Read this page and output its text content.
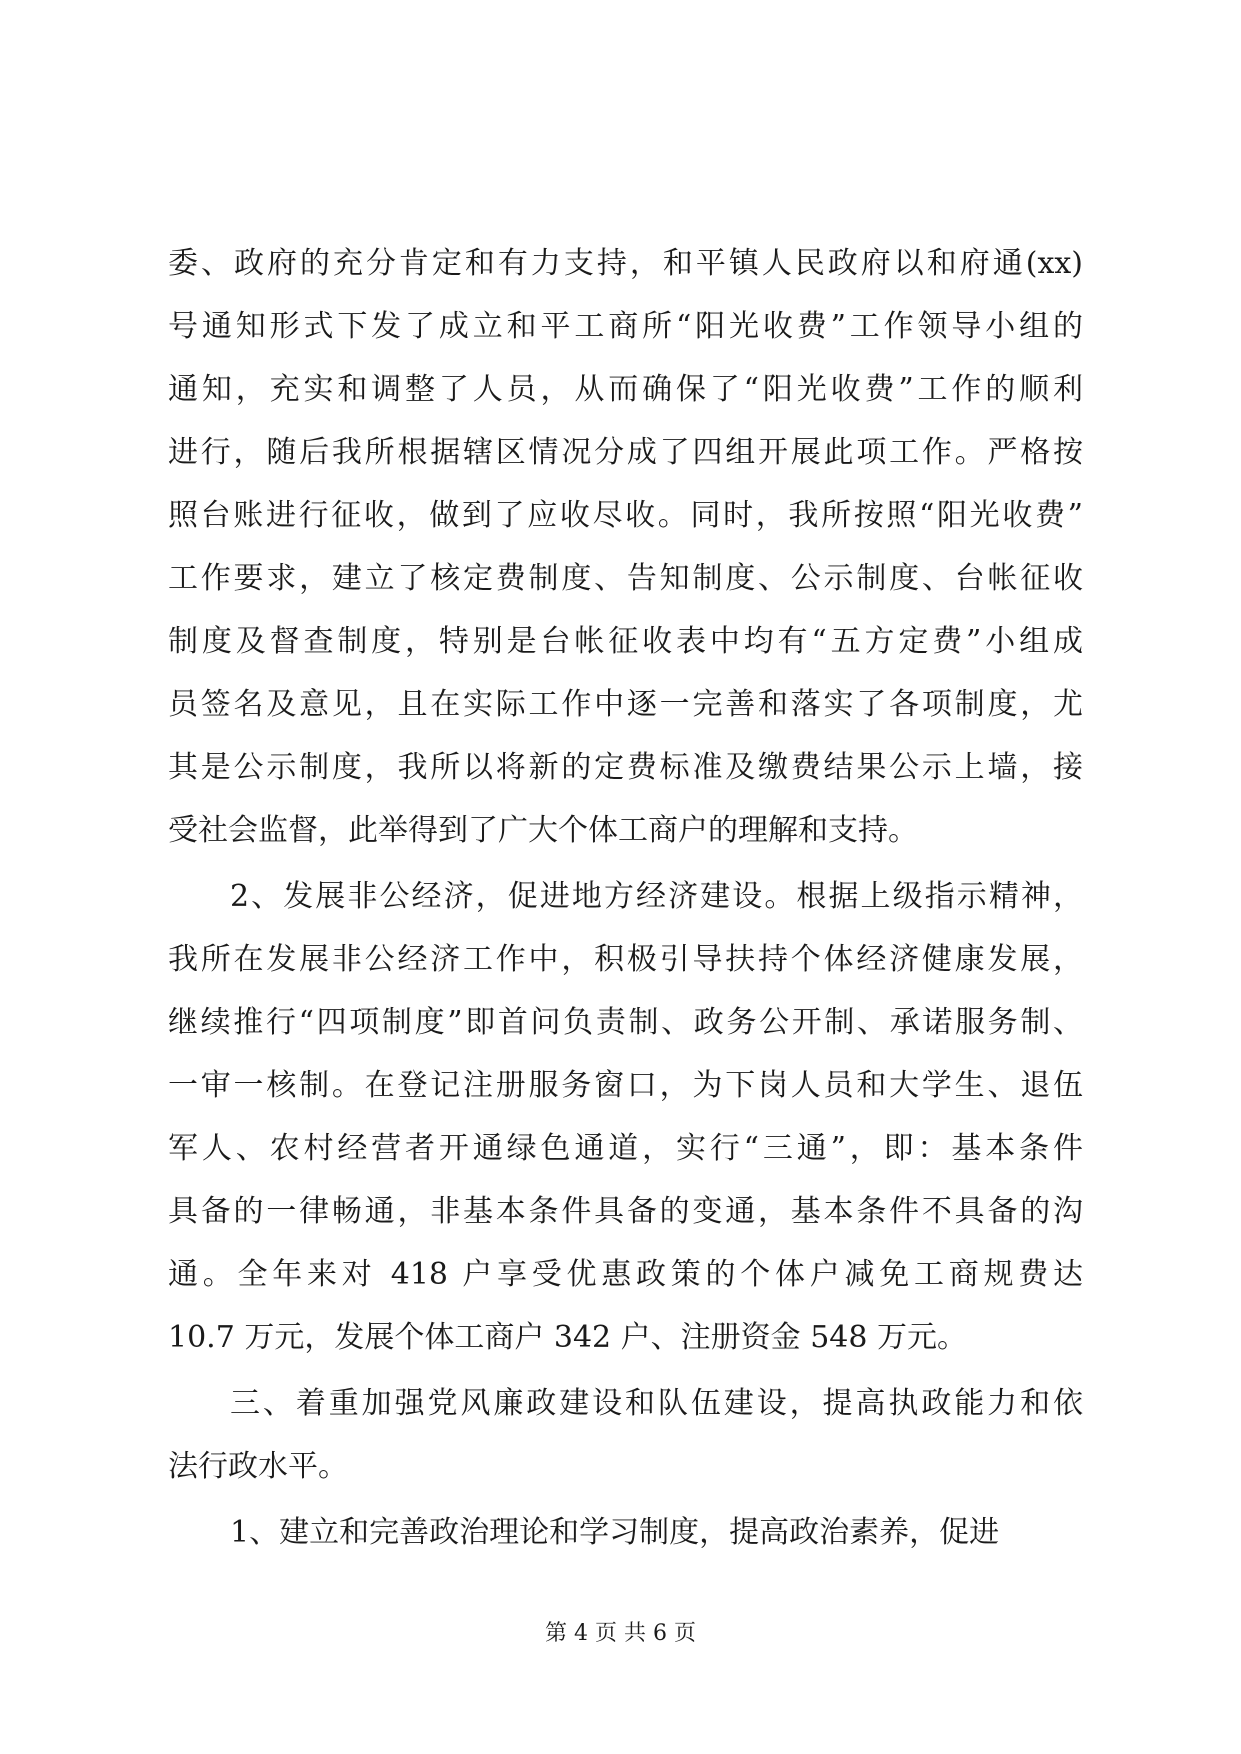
委、政府的充分肯定和有力支持，和平镇人民政府以和府通(xx)
号通知形式下发了成立和平工商所“阳光收费”工作领导小组的
通知，充实和调整了人员，从而确保了“阳光收费”工作的顺利
进行，随后我所根据辖区情况分成了四组开展此项工作。严格按
照台账进行征收，做到了应收尽收。同时，我所按照“阳光收费”
工作要求，建立了核定费制度、告知制度、公示制度、台帐征收
制度及督查制度，特别是台帐征收表中均有“五方定费”小组成
员签名及意见，且在实际工作中逐一完善和落实了各项制度，尤
其是公示制度，我所以将新的定费标准及缴费结果公示上墙，接
受社会监督，此举得到了广大个体工商户的理解和支持。
2、发展非公经济，促进地方经济建设。根据上级指示精神，
我所在发展非公经济工作中，积极引导扶持个体经济健康发展，
继续推行“四项制度”即首问负责制、政务公开制、承诺服务制、
一审一核制。在登记注册服务窗口，为下岗人员和大学生、退伍
军人、农村经营者开通绿色通道，实行“三通”，即：基本条件
具备的一律畅通，非基本条件具备的变通，基本条件不具备的沟
通。全年来对 418 户享受优惠政策的个体户减免工商规费达
10.7 万元，发展个体工商户 342 户、注册资金 548 万元。
三、着重加强党风廉政建设和队伍建设，提高执政能力和依
法行政水平。
1、建立和完善政治理论和学习制度，提高政治素养，促进
第 4 页 共 6 页
